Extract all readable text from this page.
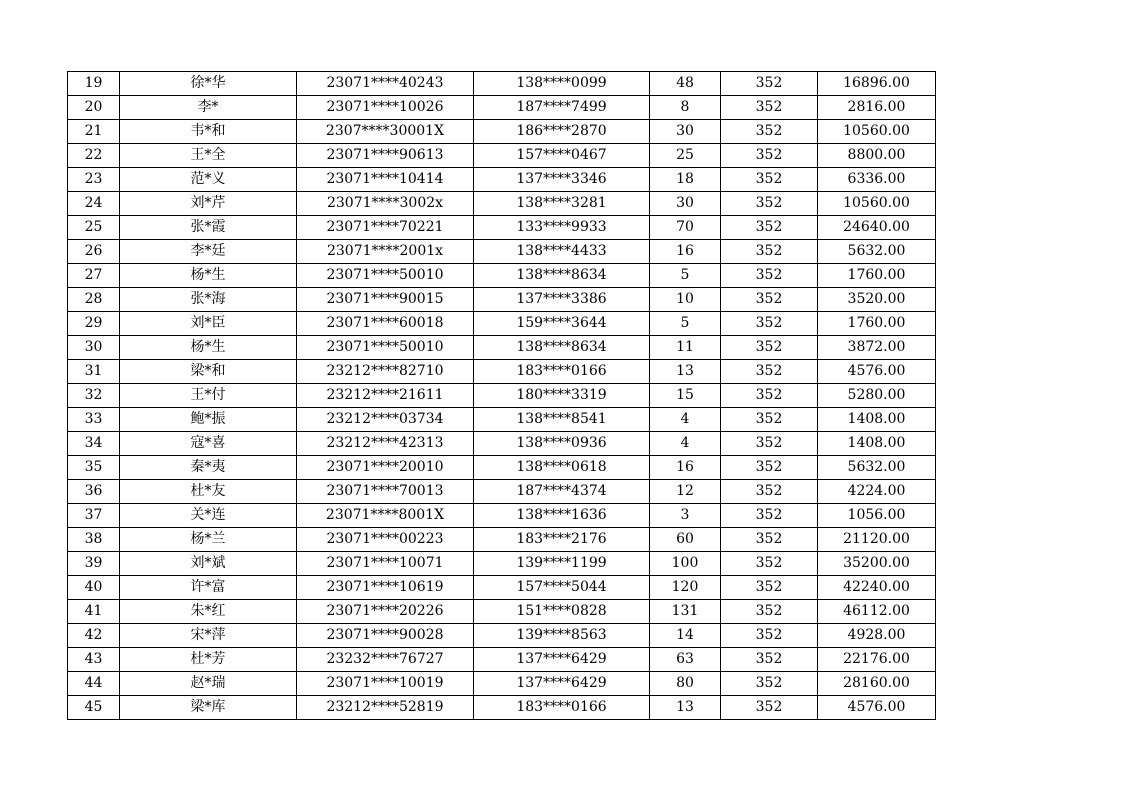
19	徐*华	23071****40243	138****0099	48	352	16896.00
20	李*	23071****10026	187****7499	8	352	2816.00
21	韦*和	2307****30001X	186****2870	30	352	10560.00
22	王*全	23071****90613	157****0467	25	352	8800.00
23	范*义	23071****10414	137****3346	18	352	6336.00
24	刘*芹	23071****3002x	138****3281	30	352	10560.00
25	张*霞	23071****70221	133****9933	70	352	24640.00
26	李*廷	23071****2001x	138****4433	16	352	5632.00
27	杨*生	23071****50010	138****8634	5	352	1760.00
28	张*海	23071****90015	137****3386	10	352	3520.00
29	刘*臣	23071****60018	159****3644	5	352	1760.00
30	杨*生	23071****50010	138****8634	11	352	3872.00
31	梁*和	23212****82710	183****0166	13	352	4576.00
32	王*付	23212****21611	180****3319	15	352	5280.00
33	鲍*振	23212****03734	138****8541	4	352	1408.00
34	寇*喜	23212****42313	138****0936	4	352	1408.00
35	秦*夷	23071****20010	138****0618	16	352	5632.00
36	杜*友	23071****70013	187****4374	12	352	4224.00
37	关*连	23071****8001X	138****1636	3	352	1056.00
38	杨*兰	23071****00223	183****2176	60	352	21120.00
39	刘*斌	23071****10071	139****1199	100	352	35200.00
40	许*富	23071****10619	157****5044	120	352	42240.00
41	朱*红	23071****20226	151****0828	131	352	46112.00
42	宋*萍	23071****90028	139****8563	14	352	4928.00
43	杜*芳	23232****76727	137****6429	63	352	22176.00
44	赵*瑞	23071****10019	137****6429	80	352	28160.00
45	梁*库	23212****52819	183****0166	13	352	4576.00
